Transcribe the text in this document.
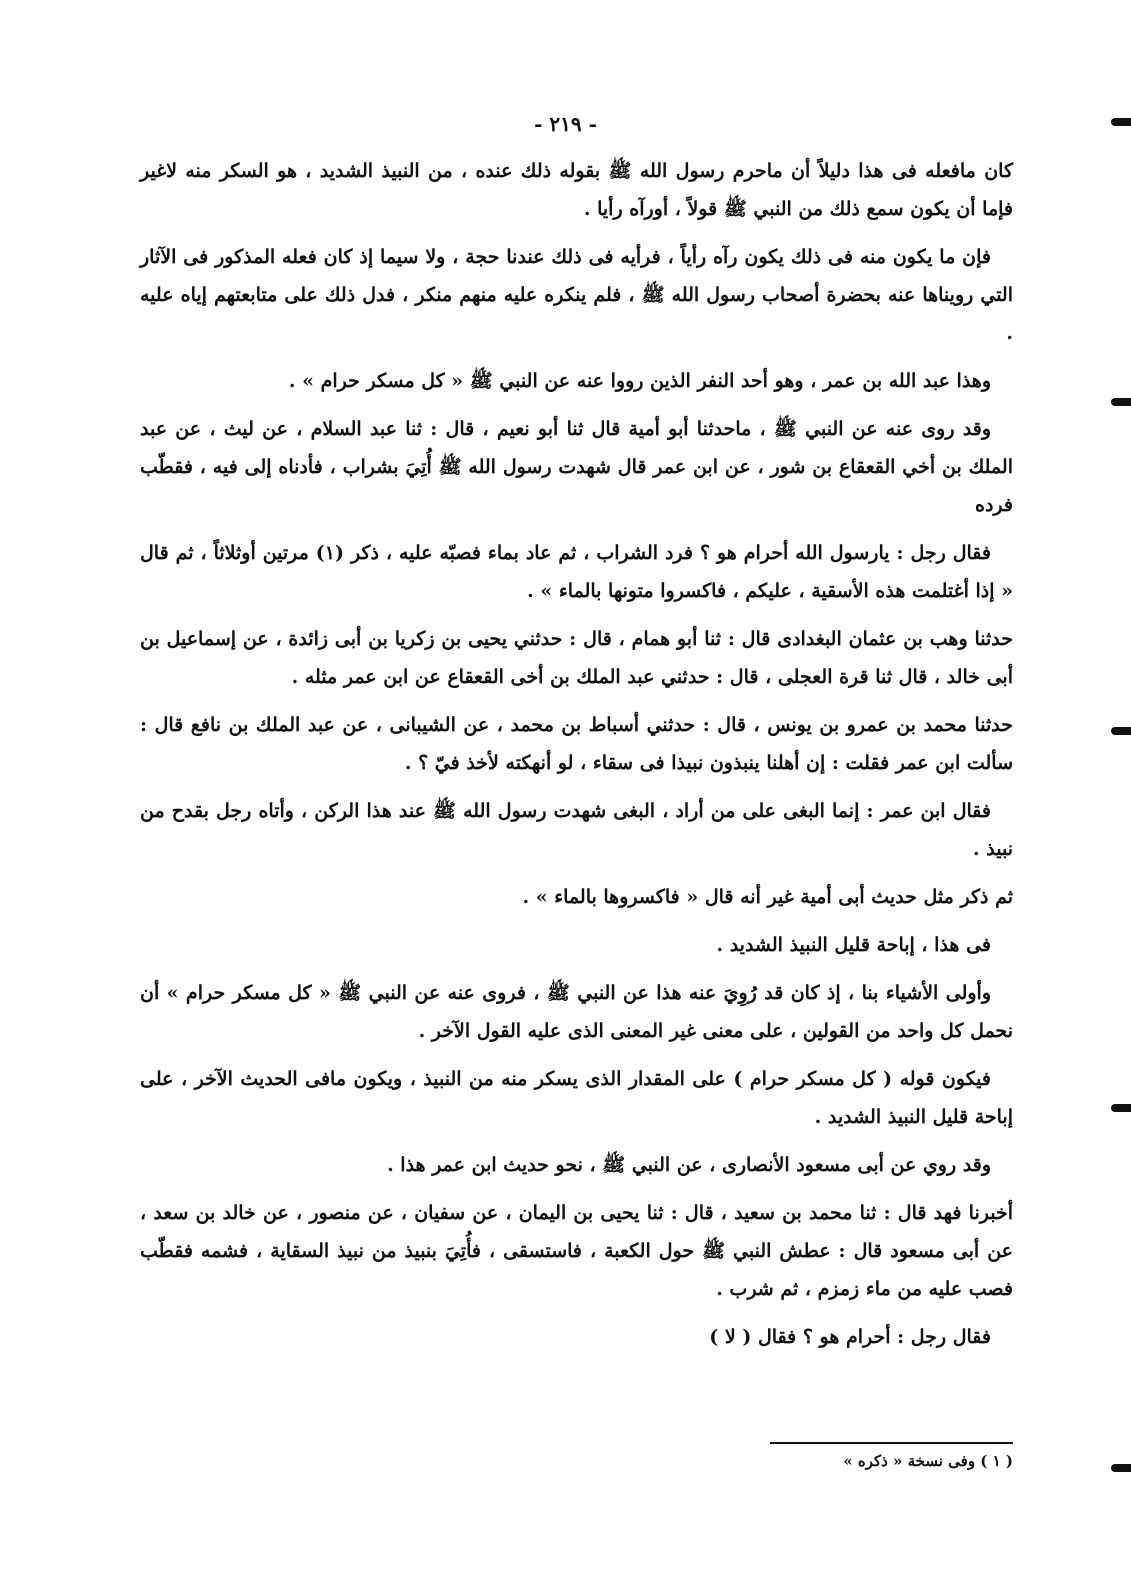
- ٢١٩ -

كان مافعله فى هذا دليلاً أن ماحرم رسول الله ﷺ بقوله ذلك عنده ، من النبيذ الشديد ، هو السكر منه لاغير فإما أن يكون سمع ذلك من النبي ﷺ قولاً ، أورآه رأيا .

فإن ما يكون منه فى ذلك يكون رآه رأياً ، فرأيه فى ذلك عندنا حجة ، ولا سيما إذ كان فعله المذكور فى الآثار التي رويناها عنه بحضرة أصحاب رسول الله ﷺ ، فلم ينكره عليه منهم منكر ، فدل ذلك على متابعتهم إياه عليه .

وهذا عبد الله بن عمر ، وهو أحد النفر الذين رووا عنه عن النبي ﷺ « كل مسكر حرام » .

وقد روى عنه عن النبي ﷺ ، ماحدثنا أبو أمية قال ثنا أبو نعيم ، قال : ثنا عبد السلام ، عن ليث ، عن عبد الملك بن أخي القعقاع بن شور ، عن ابن عمر قال شهدت رسول الله ﷺ أُتِيَ بشراب ، فأدناه إلى فيه ، فقطّب فرده

فقال رجل : يارسول الله أحرام هو ؟ فرد الشراب ، ثم عاد بماء فصبّه عليه ، ذكر (١) مرتين أوثلاثاً ، ثم قال « إذا أغتلمت هذه الأسقية ، عليكم ، فاكسروا متونها بالماء » .

حدثنا وهب بن عثمان البغدادى قال : ثنا أبو همام ، قال : حدثني يحيى بن زكريا بن أبى زائدة ، عن إسماعيل بن أبى خالد ، قال ثنا قرة العجلى ، قال : حدثني عبد الملك بن أخى القعقاع عن ابن عمر مثله .

حدثنا محمد بن عمرو بن يونس ، قال : حدثني أسباط بن محمد ، عن الشيبانى ، عن عبد الملك بن نافع قال : سألت ابن عمر فقلت : إن أهلنا ينبذون نبيذا فى سقاء ، لو أنهكته لأخذ فيّ ؟ .

فقال ابن عمر : إنما البغى على من أراد ، البغى شهدت رسول الله ﷺ عند هذا الركن ، وأتاه رجل بقدح من نبيذ .

ثم ذكر مثل حديث أبى أمية غير أنه قال « فاكسروها بالماء » .

فى هذا ، إباحة قليل النبيذ الشديد .

وأولى الأشياء بنا ، إذ كان قد رُوِيَ عنه هذا عن النبي ﷺ ، فروى عنه عن النبي ﷺ « كل مسكر حرام » أن نحمل كل واحد من القولين ، على معنى غير المعنى الذى عليه القول الآخر .

فيكون قوله ( كل مسكر حرام ) على المقدار الذى يسكر منه من النبيذ ، ويكون مافى الحديث الآخر ، على إباحة قليل النبيذ الشديد .

وقد روي عن أبى مسعود الأنصارى ، عن النبي ﷺ ، نحو حديث ابن عمر هذا .

أخبرنا فهد قال : ثنا محمد بن سعيد ، قال : ثنا يحيى بن اليمان ، عن سفيان ، عن منصور ، عن خالد بن سعد ، عن أبى مسعود قال : عطش النبي ﷺ حول الكعبة ، فاستسقى ، فأُتِيَ بنبيذ من نبيذ السقاية ، فشمه فقطّب فصب عليه من ماء زمزم ، ثم شرب .

فقال رجل : أحرام هو ؟ فقال ( لا )

( ١ ) وفى نسخة « ذكره »
